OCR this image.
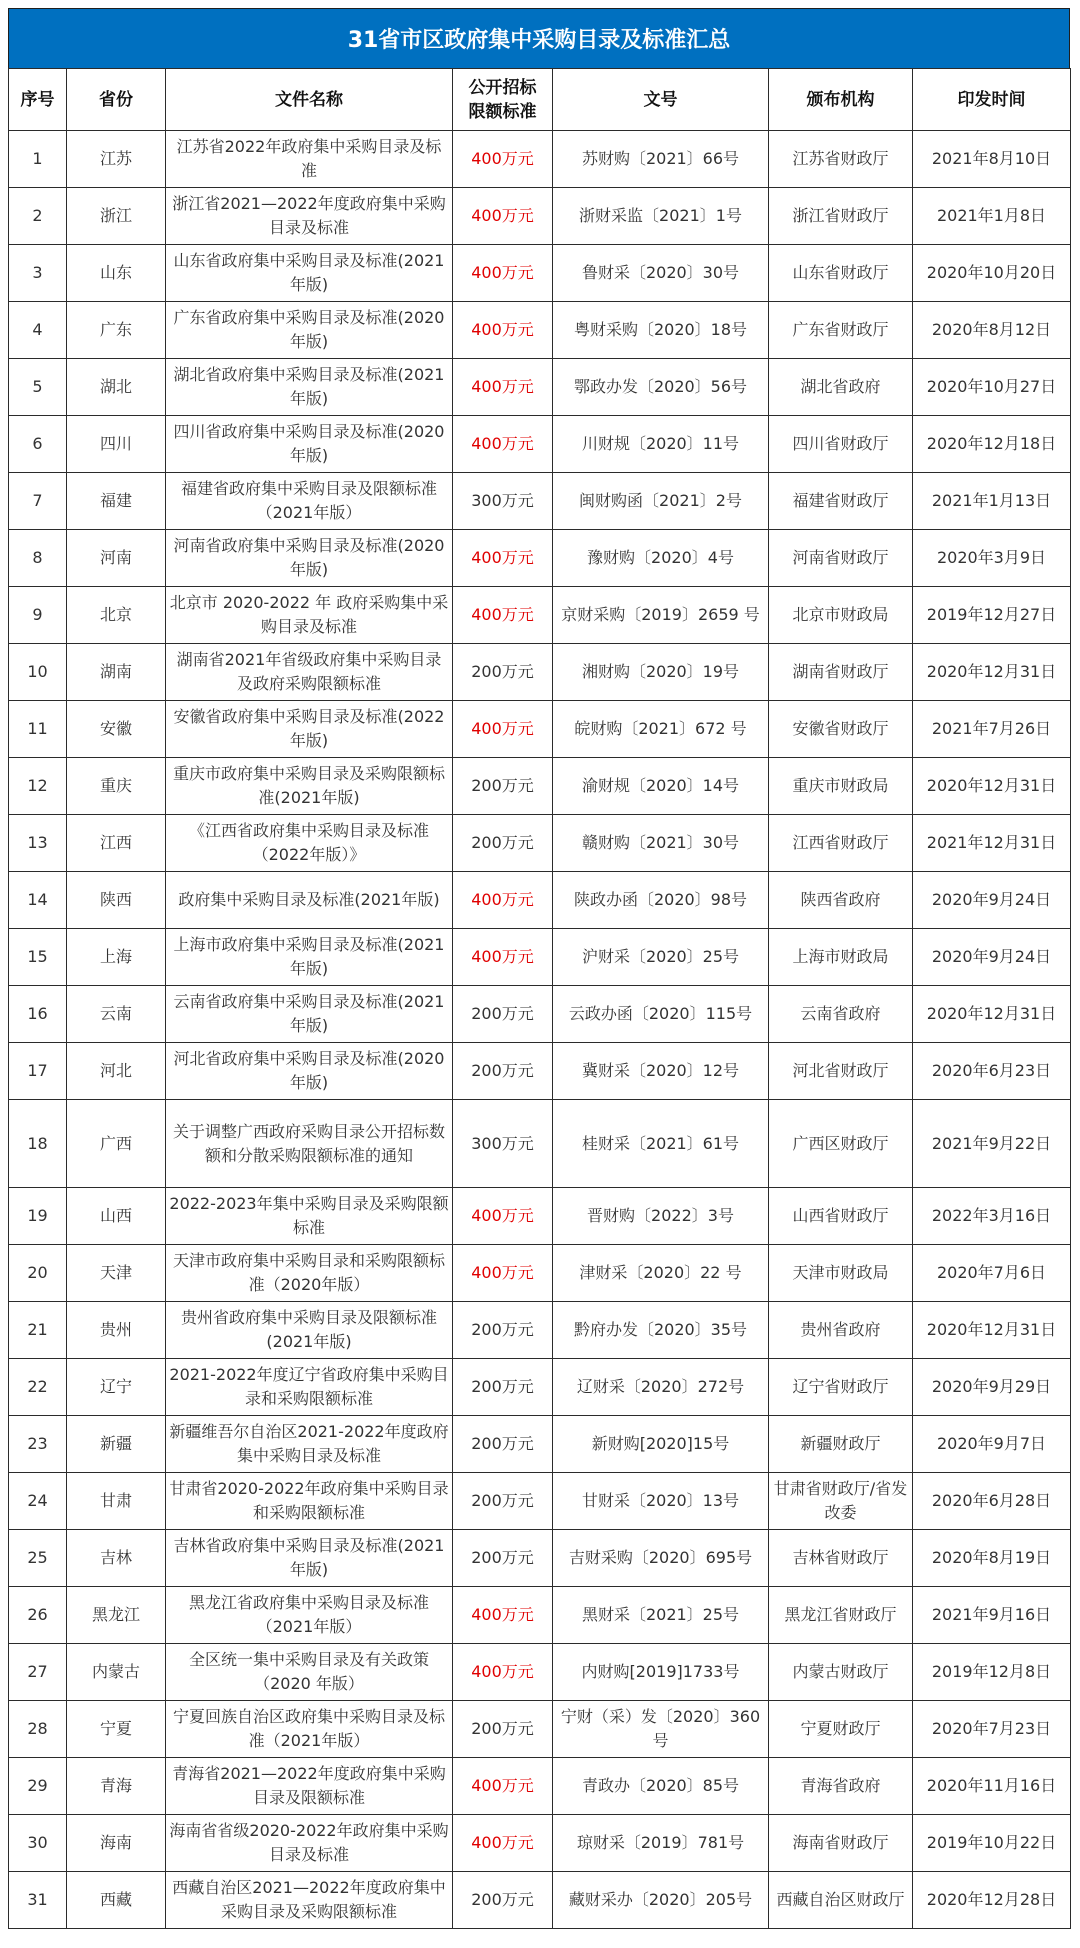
31省市区政府集中采购目录及标准汇总
序号	省份	文件名称	公开招标限额标准	文号	颁布机构	印发时间
1	江苏	江苏省2022年政府集中采购目录及标准	400万元	苏财购〔2021〕66号	江苏省财政厅	2021年8月10日
2	浙江	浙江省2021—2022年度政府集中采购目录及标准	400万元	浙财采监〔2021〕1号	浙江省财政厅	2021年1月8日
3	山东	山东省政府集中采购目录及标准(2021年版)	400万元	鲁财采〔2020〕30号	山东省财政厅	2020年10月20日
4	广东	广东省政府集中采购目录及标准(2020年版)	400万元	粤财采购〔2020〕18号	广东省财政厅	2020年8月12日
5	湖北	湖北省政府集中采购目录及标准(2021年版)	400万元	鄂政办发〔2020〕56号	湖北省政府	2020年10月27日
6	四川	四川省政府集中采购目录及标准(2020年版)	400万元	川财规〔2020〕11号	四川省财政厅	2020年12月18日
7	福建	福建省政府集中采购目录及限额标准（2021年版）	300万元	闽财购函〔2021〕2号	福建省财政厅	2021年1月13日
8	河南	河南省政府集中采购目录及标准(2020年版)	400万元	豫财购〔2020〕4号	河南省财政厅	2020年3月9日
9	北京	北京市 2020-2022 年 政府采购集中采购目录及标准	400万元	京财采购〔2019〕2659 号	北京市财政局	2019年12月27日
10	湖南	湖南省2021年省级政府集中采购目录及政府采购限额标准	200万元	湘财购〔2020〕19号	湖南省财政厅	2020年12月31日
11	安徽	安徽省政府集中采购目录及标准(2022年版)	400万元	皖财购〔2021〕672 号	安徽省财政厅	2021年7月26日
12	重庆	重庆市政府集中采购目录及采购限额标准(2021年版)	200万元	渝财规〔2020〕14号	重庆市财政局	2020年12月31日
13	江西	《江西省政府集中采购目录及标准（2022年版）》	200万元	赣财购〔2021〕30号	江西省财政厅	2021年12月31日
14	陕西	政府集中采购目录及标准(2021年版)	400万元	陕政办函〔2020〕98号	陕西省政府	2020年9月24日
15	上海	上海市政府集中采购目录及标准(2021年版)	400万元	沪财采〔2020〕25号	上海市财政局	2020年9月24日
16	云南	云南省政府集中采购目录及标准(2021年版)	200万元	云政办函〔2020〕115号	云南省政府	2020年12月31日
17	河北	河北省政府集中采购目录及标准(2020年版)	200万元	冀财采〔2020〕12号	河北省财政厅	2020年6月23日
18	广西	关于调整广西政府采购目录公开招标数额和分散采购限额标准的通知	300万元	桂财采〔2021〕61号	广西区财政厅	2021年9月22日
19	山西	2022-2023年集中采购目录及采购限额标准	400万元	晋财购〔2022〕3号	山西省财政厅	2022年3月16日
20	天津	天津市政府集中采购目录和采购限额标准（2020年版）	400万元	津财采〔2020〕22 号	天津市财政局	2020年7月6日
21	贵州	贵州省政府集中采购目录及限额标准(2021年版)	200万元	黔府办发〔2020〕35号	贵州省政府	2020年12月31日
22	辽宁	2021-2022年度辽宁省政府集中采购目录和采购限额标准	200万元	辽财采〔2020〕272号	辽宁省财政厅	2020年9月29日
23	新疆	新疆维吾尔自治区2021-2022年度政府集中采购目录及标准	200万元	新财购[2020]15号	新疆财政厅	2020年9月7日
24	甘肃	甘肃省2020-2022年政府集中采购目录和采购限额标准	200万元	甘财采〔2020〕13号	甘肃省财政厅/省发改委	2020年6月28日
25	吉林	吉林省政府集中采购目录及标准(2021年版)	200万元	吉财采购〔2020〕695号	吉林省财政厅	2020年8月19日
26	黑龙江	黑龙江省政府集中采购目录及标准（2021年版）	400万元	黑财采〔2021〕25号	黑龙江省财政厅	2021年9月16日
27	内蒙古	全区统一集中采购目录及有关政策（2020 年版）	400万元	内财购[2019]1733号	内蒙古财政厅	2019年12月8日
28	宁夏	宁夏回族自治区政府集中采购目录及标准（2021年版）	200万元	宁财（采）发〔2020〕360号	宁夏财政厅	2020年7月23日
29	青海	青海省2021—2022年度政府集中采购目录及限额标准	400万元	青政办〔2020〕85号	青海省政府	2020年11月16日
30	海南	海南省省级2020-2022年政府集中采购目录及标准	400万元	琼财采〔2019〕781号	海南省财政厅	2019年10月22日
31	西藏	西藏自治区2021—2022年度政府集中采购目录及采购限额标准	200万元	藏财采办〔2020〕205号	西藏自治区财政厅	2020年12月28日
